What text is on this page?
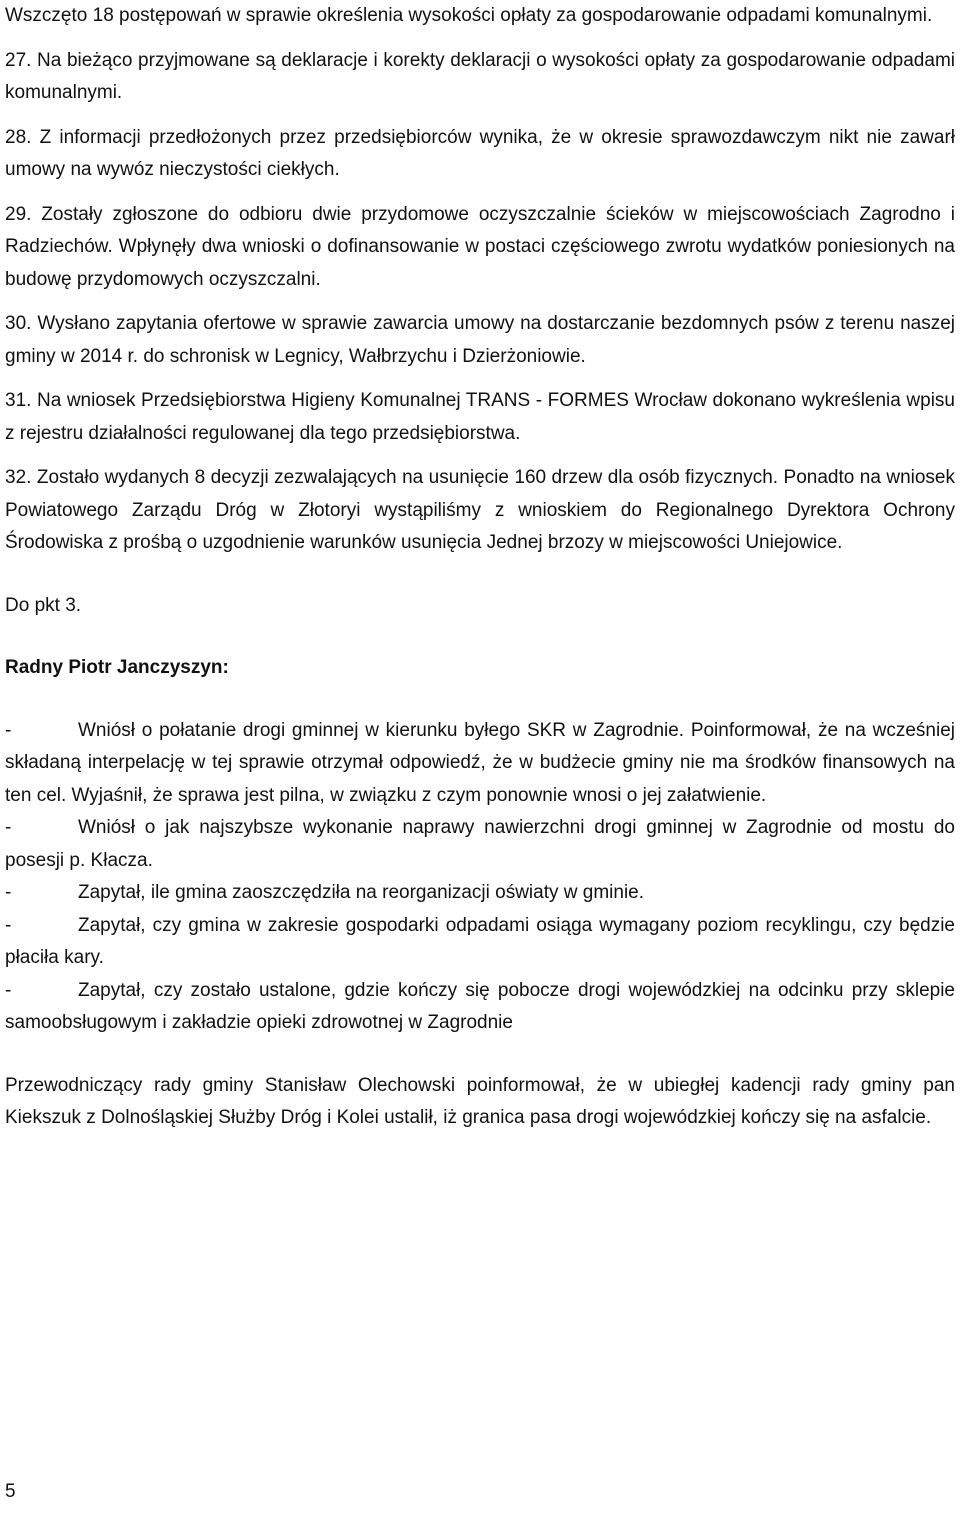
Wszczęto 18 postępowań w sprawie określenia wysokości opłaty za gospodarowanie odpadami komunalnymi.

27. Na bieżąco przyjmowane są deklaracje i korekty deklaracji o wysokości opłaty za gospodarowanie odpadami komunalnymi.

28. Z informacji przedłożonych przez przedsiębiorców wynika, że w okresie sprawozdawczym nikt nie zawarł umowy na wywóz nieczystości ciekłych.

29. Zostały zgłoszone do odbioru dwie przydomowe oczyszczalnie ścieków w miejscowościach Zagrodno i Radziechów. Wpłynęły dwa wnioski o dofinansowanie w postaci częściowego zwrotu wydatków poniesionych na budowę przydomowych oczyszczalni.

30. Wysłano zapytania ofertowe w sprawie zawarcia umowy na dostarczanie bezdomnych psów z terenu naszej gminy w 2014 r. do schronisk w Legnicy, Wałbrzychu i Dzierżoniowie.

31. Na wniosek Przedsiębiorstwa Higieny Komunalnej TRANS - FORMES Wrocław dokonano wykreślenia wpisu z rejestru działalności regulowanej dla tego przedsiębiorstwa.

32. Zostało wydanych 8 decyzji zezwalających na usunięcie 160 drzew dla osób fizycznych. Ponadto na wniosek Powiatowego Zarządu Dróg w Złotoryi wystąpiliśmy z wnioskiem do Regionalnego Dyrektora Ochrony Środowiska z prośbą o uzgodnienie warunków usunięcia Jednej brzozy w miejscowości Uniejowice.

Do pkt 3.

Radny Piotr Janczyszyn:

-	Wniósł o połatanie drogi gminnej w kierunku byłego SKR w Zagrodnie. Poinformował, że na wcześniej składaną interpelację w tej sprawie otrzymał odpowiedź, że w budżecie gminy nie ma środków finansowych na ten cel. Wyjaśnił, że sprawa jest pilna, w związku z czym ponownie wnosi o jej załatwienie.

-	Wniósł o jak najszybsze wykonanie naprawy nawierzchni drogi gminnej w Zagrodnie od mostu do posesji p. Kłacza.

-	Zapytał, ile gmina zaoszczędziła na reorganizacji oświaty w gminie.

-	Zapytał, czy gmina w zakresie gospodarki odpadami osiąga wymagany poziom recyklingu, czy będzie płaciła kary.

-	Zapytał, czy zostało ustalone, gdzie kończy się pobocze drogi wojewódzkiej na odcinku przy sklepie samoobsługowym i zakładzie opieki zdrowotnej w Zagrodnie

Przewodniczący rady gminy Stanisław Olechowski poinformował, że w ubiegłej kadencji rady gminy pan Kiekszuk z Dolnośląskiej Służby Dróg i Kolei ustalił, iż granica pasa drogi wojewódzkiej kończy się na asfalcie.

5
